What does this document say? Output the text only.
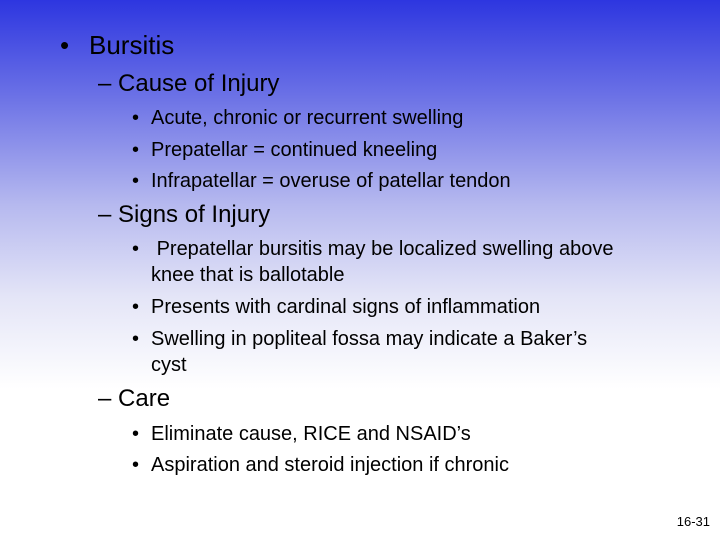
• Bursitis
– Cause of Injury
• Acute, chronic or recurrent swelling
• Prepatellar = continued kneeling
• Infrapatellar = overuse of patellar tendon
– Signs of Injury
• Prepatellar bursitis may be localized swelling above knee that is ballotable
• Presents with cardinal signs of inflammation
• Swelling in popliteal fossa may indicate a Baker’s cyst
– Care
• Eliminate cause, RICE and NSAID’s
• Aspiration and steroid injection if chronic
16-31
